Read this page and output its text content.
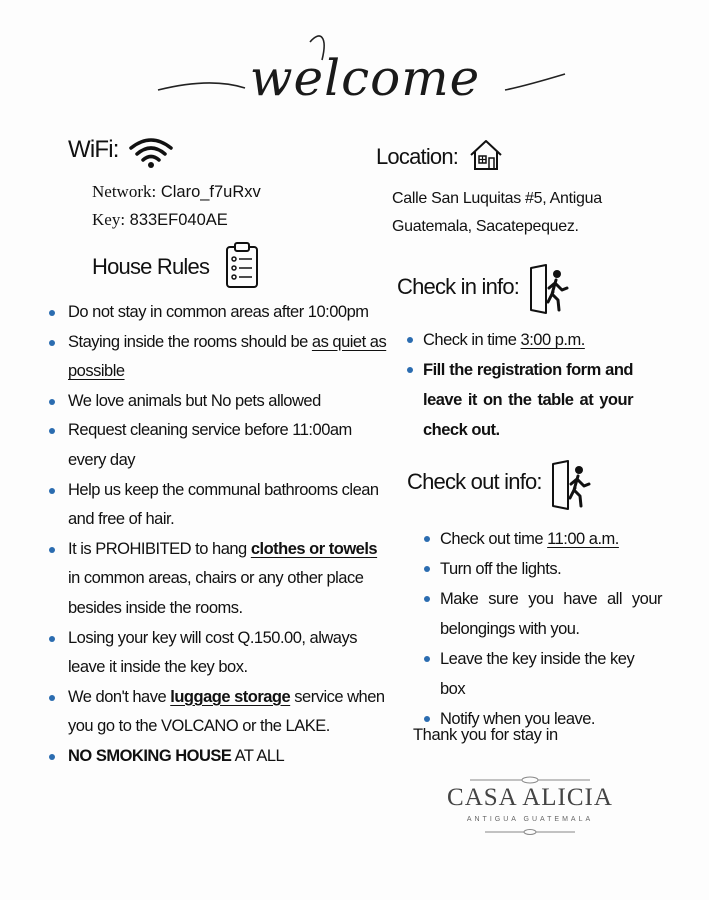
welcome
WiFi:
Network: Claro_f7uRxv
Key: 833EF040AE
House Rules
Do not stay in common areas after 10:00pm
Staying inside the rooms should be as quiet as possible
We love animals but No pets allowed
Request cleaning service before 11:00am every day
Help us keep the communal bathrooms clean and free of hair.
It is PROHIBITED to hang clothes or towels in common areas, chairs or any other place besides inside the rooms.
Losing your key will cost Q.150.00, always leave it inside the key box.
We don't have luggage storage service when you go to the VOLCANO or the LAKE.
NO SMOKING HOUSE AT ALL
Location:
Calle San Luquitas #5, Antigua Guatemala, Sacatepequez.
Check in info:
Check in time 3:00 p.m.
Fill the registration form and leave it on the table at your check out.
Check out info:
Check out time 11:00 a.m.
Turn off the lights.
Make sure you have all your belongings with you.
Leave the key inside the key box
Notify when you leave.
Thank you for stay in
CASA ALICIA
ANTIGUA GUATEMALA
